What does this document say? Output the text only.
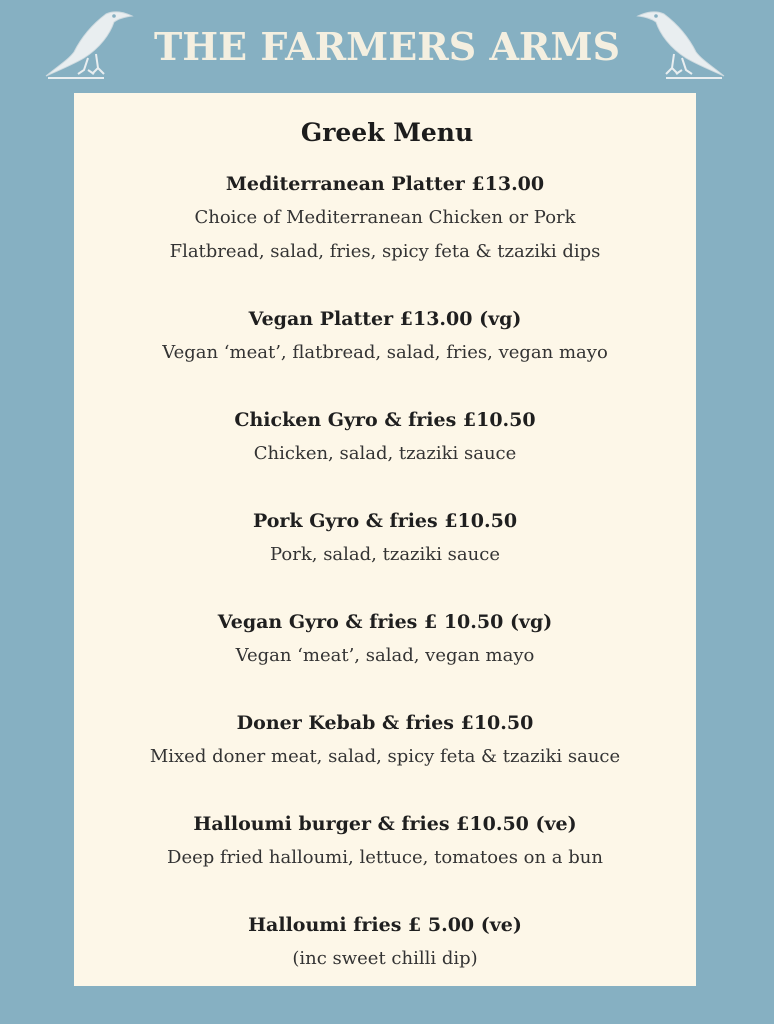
THE FARMERS ARMS
Greek Menu
Mediterranean Platter £13.00
Choice of Mediterranean Chicken or Pork
Flatbread, salad, fries, spicy feta & tzaziki dips
Vegan Platter £13.00 (vg)
Vegan ‘meat’, flatbread, salad, fries, vegan mayo
Chicken Gyro & fries £10.50
Chicken, salad, tzaziki sauce
Pork Gyro & fries £10.50
Pork, salad, tzaziki sauce
Vegan Gyro & fries £ 10.50 (vg)
Vegan ‘meat’, salad, vegan mayo
Doner Kebab & fries £10.50
Mixed doner meat, salad, spicy feta & tzaziki sauce
Halloumi burger & fries £10.50 (ve)
Deep fried halloumi, lettuce, tomatoes on a bun
Halloumi fries £ 5.00 (ve)
(inc sweet chilli dip)
